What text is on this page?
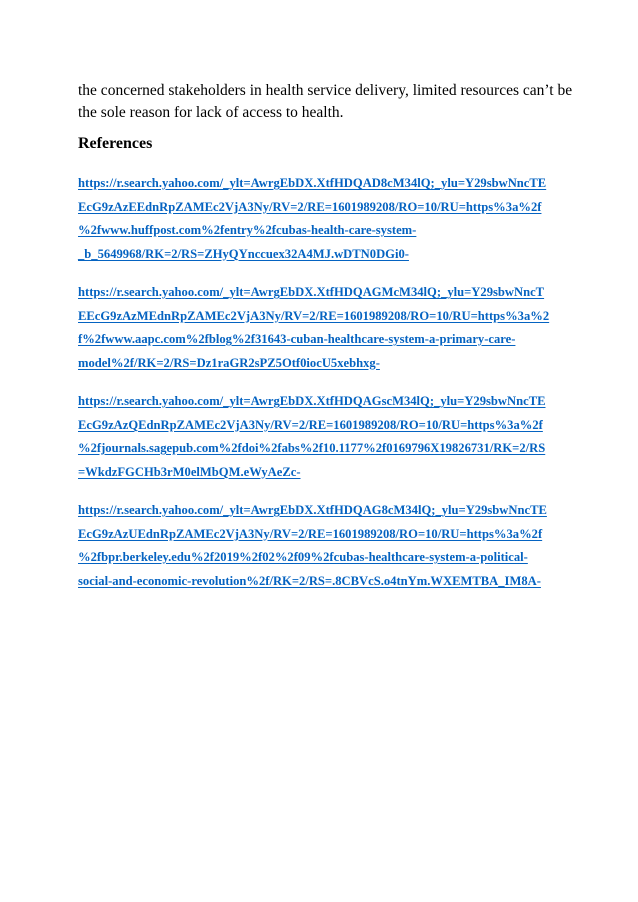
the concerned stakeholders in health service delivery, limited resources can’t be
the sole reason for lack of access to health.

References
https://r.search.yahoo.com/_ylt=AwrgEbDX.XtfHDQAD8cM34lQ;_ylu=Y29sbwNncTE
EcG9zAzEEdnRpZAMEc2VjA3Ny/RV=2/RE=1601989208/RO=10/RU=https%3a%2f
%2fwww.huffpost.com%2fentry%2fcubas-health-care-system-
_b_5649968/RK=2/RS=ZHyQYnccuex32A4MJ.wDTN0DGi0-
https://r.search.yahoo.com/_ylt=AwrgEbDX.XtfHDQAGMcM34lQ;_ylu=Y29sbwNncT
EEcG9zAzMEdnRpZAMEc2VjA3Ny/RV=2/RE=1601989208/RO=10/RU=https%3a%2
f%2fwww.aapc.com%2fblog%2f31643-cuban-healthcare-system-a-primary-care-
model%2f/RK=2/RS=Dz1raGR2sPZ5Otf0iocU5xebhxg-
https://r.search.yahoo.com/_ylt=AwrgEbDX.XtfHDQAGscM34lQ;_ylu=Y29sbwNncTE
EcG9zAzQEdnRpZAMEc2VjA3Ny/RV=2/RE=1601989208/RO=10/RU=https%3a%2f
%2fjournals.sagepub.com%2fdoi%2fabs%2f10.1177%2f0169796X19826731/RK=2/RS
=WkdzFGCHb3rM0elMbQM.eWyAeZc-
https://r.search.yahoo.com/_ylt=AwrgEbDX.XtfHDQAG8cM34lQ;_ylu=Y29sbwNncTE
EcG9zAzUEdnRpZAMEc2VjA3Ny/RV=2/RE=1601989208/RO=10/RU=https%3a%2f
%2fbpr.berkeley.edu%2f2019%2f02%2f09%2fcubas-healthcare-system-a-political-
social-and-economic-revolution%2f/RK=2/RS=.8CBVcS.o4tnYm.WXEMTBA_IM8A-
